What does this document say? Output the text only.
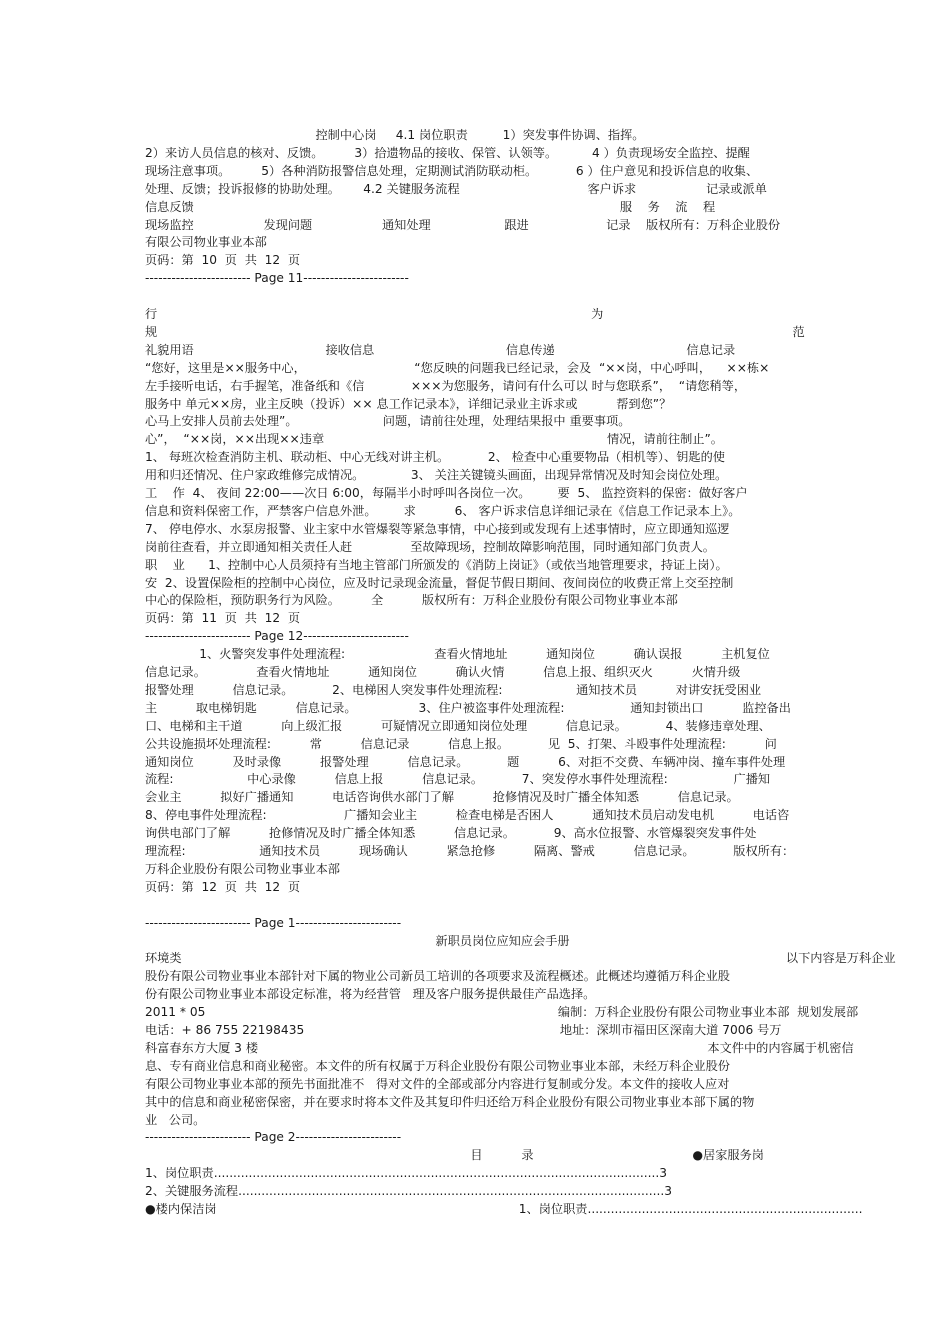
控制中心岗     4.1 岗位职责         1）突发事件协调、指挥。
2）来访人员信息的核对、反馈。        3）拾遗物品的接收、保管、认领等。         4 ）负责现场安全监控、提醒
现场注意事项。        5）各种消防报警信息处理，定期测试消防联动柜。          6 ）住户意见和投诉信息的收集、
处理、反馈；投诉报修的协助处理。      4.2 关键服务流程                                 客户诉求                  记录或派单
信息反馈                                                                                                              服    务    流    程
现场监控                  发现问题                  通知处理                   跟进                    记录    版权所有：万科企业股份
有限公司物业事业本部
页码：第  10  页  共  12  页
------------------------ Page 11------------------------
行                                                                                                                为
规                                                                                                                                                                    范
礼貌用语                                  接收信息                                  信息传递                                  信息记录
“您好，这里是××服务中心，                            “您反映的问题我已经记录，会及  “××岗，中心呼叫，    ××栋×
左手接听电话，右手握笔，准备纸和《信            ×××为您服务，请问有什么可以 时与您联系”，  “请您稍等，
服务中 单元××房，业主反映（投诉）×× 息工作记录本》，详细记录业主诉求或          帮到您”？
心马上安排人员前去处理”。                      问题，请前往处理，处理结果报中 重要事项。
心”，  “××岗，××出现××违章                                                                         情况，请前往制止”。
1、 每班次检查消防主机、联动柜、中心无线对讲主机。          2、 检查中心重要物品（相机等）、钥匙的使
用和归还情况、住户家政维修完成情况。            3、 关注关键镜头画面，出现异常情况及时知会岗位处理。
工    作  4、 夜间 22:00——次日 6:00，每隔半小时呼叫各岗位一次。       要  5、 监控资料的保密：做好客户
信息和资料保密工作，严禁客户信息外泄。       求          6、 客户诉求信息详细记录在《信息工作记录本上》。
7、 停电停水、水泵房报警、业主家中水管爆裂等紧急事情，中心接到或发现有上述事情时，应立即通知巡逻
岗前往查看，并立即通知相关责任人赶               至故障现场，控制故障影响范围，同时通知部门负责人。
职    业      1、控制中心人员须持有当地主管部门所颁发的《消防上岗证》（或依当地管理要求，持证上岗）。
安  2、设置保险柜的控制中心岗位，应及时记录现金流量，督促节假日期间、夜间岗位的收费正常上交至控制
中心的保险柜，预防职务行为风险。        全          版权所有：万科企业股份有限公司物业事业本部
页码：第  11  页  共  12  页
------------------------ Page 12------------------------
1、火警突发事件处理流程:                       查看火情地址          通知岗位          确认误报          主机复位
信息记录。             查看火情地址          通知岗位          确认火情          信息上报、组织灭火          火情升级
报警处理          信息记录。          2、电梯困人突发事件处理流程:                   通知技术员          对讲安抚受困业
主          取电梯钥匙          信息记录。                3、住户被盗事件处理流程:                 通知封锁出口          监控备出
口、电梯和主干道          向上级汇报          可疑情况立即通知岗位处理          信息记录。          4、装修违章处理、
公共设施损坏处理流程:          常          信息记录          信息上报。          见  5、打架、斗殴事件处理流程:          问
通知岗位          及时录像          报警处理          信息记录。          题          6、对拒不交费、车辆冲岗、撞车事件处理
流程:                   中心录像          信息上报          信息记录。          7、突发停水事件处理流程:                 广播知
会业主          拟好广播通知          电话咨询供水部门了解          抢修情况及时广播全体知悉          信息记录。
8、停电事件处理流程:                    广播知会业主          检查电梯是否困人          通知技术员启动发电机          电话咨
询供电部门了解          抢修情况及时广播全体知悉          信息记录。          9、高水位报警、水管爆裂突发事件处
理流程:                   通知技术员          现场确认          紧急抢修          隔离、警戒          信息记录。          版权所有：
万科企业股份有限公司物业事业本部
页码：第  12  页  共  12  页
------------------------ Page 1------------------------
新职员岗位应知应会手册
环境类                                                                                                                                                            以下内容是万科企业
股份有限公司物业事业本部针对下属的物业公司新员工培训的各项要求及流程概述。此概述均遵循万科企业股
份有限公司物业事业本部设定标准，将为经营管   理及客户服务提供最佳产品选择。
2011 * 05                                                                                           编制：万科企业股份有限公司物业事业本部  规划发展部
电话：+ 86 755 22198435                                                                  地址：深圳市福田区深南大道 7006 号万
科富春东方大厦 3 楼                                                                                                                    本文件中的内容属于机密信
息、专有商业信息和商业秘密。本文件的所有权属于万科企业股份有限公司物业事业本部，未经万科企业股份
有限公司物业事业本部的预先书面批准不   得对文件的全部或部分内容进行复制或分发。本文件的接收人应对
其中的信息和商业秘密保密，并在要求时将本文件及其复印件归还给万科企业股份有限公司物业事业本部下属的物
业   公司。
------------------------ Page 2------------------------
目          录                                         ●居家服务岗
1、岗位职责...................................................................................................................3
2、关键服务流程..............................................................................................................3
●楼内保洁岗                                                                              1、岗位职责.......................................................................
